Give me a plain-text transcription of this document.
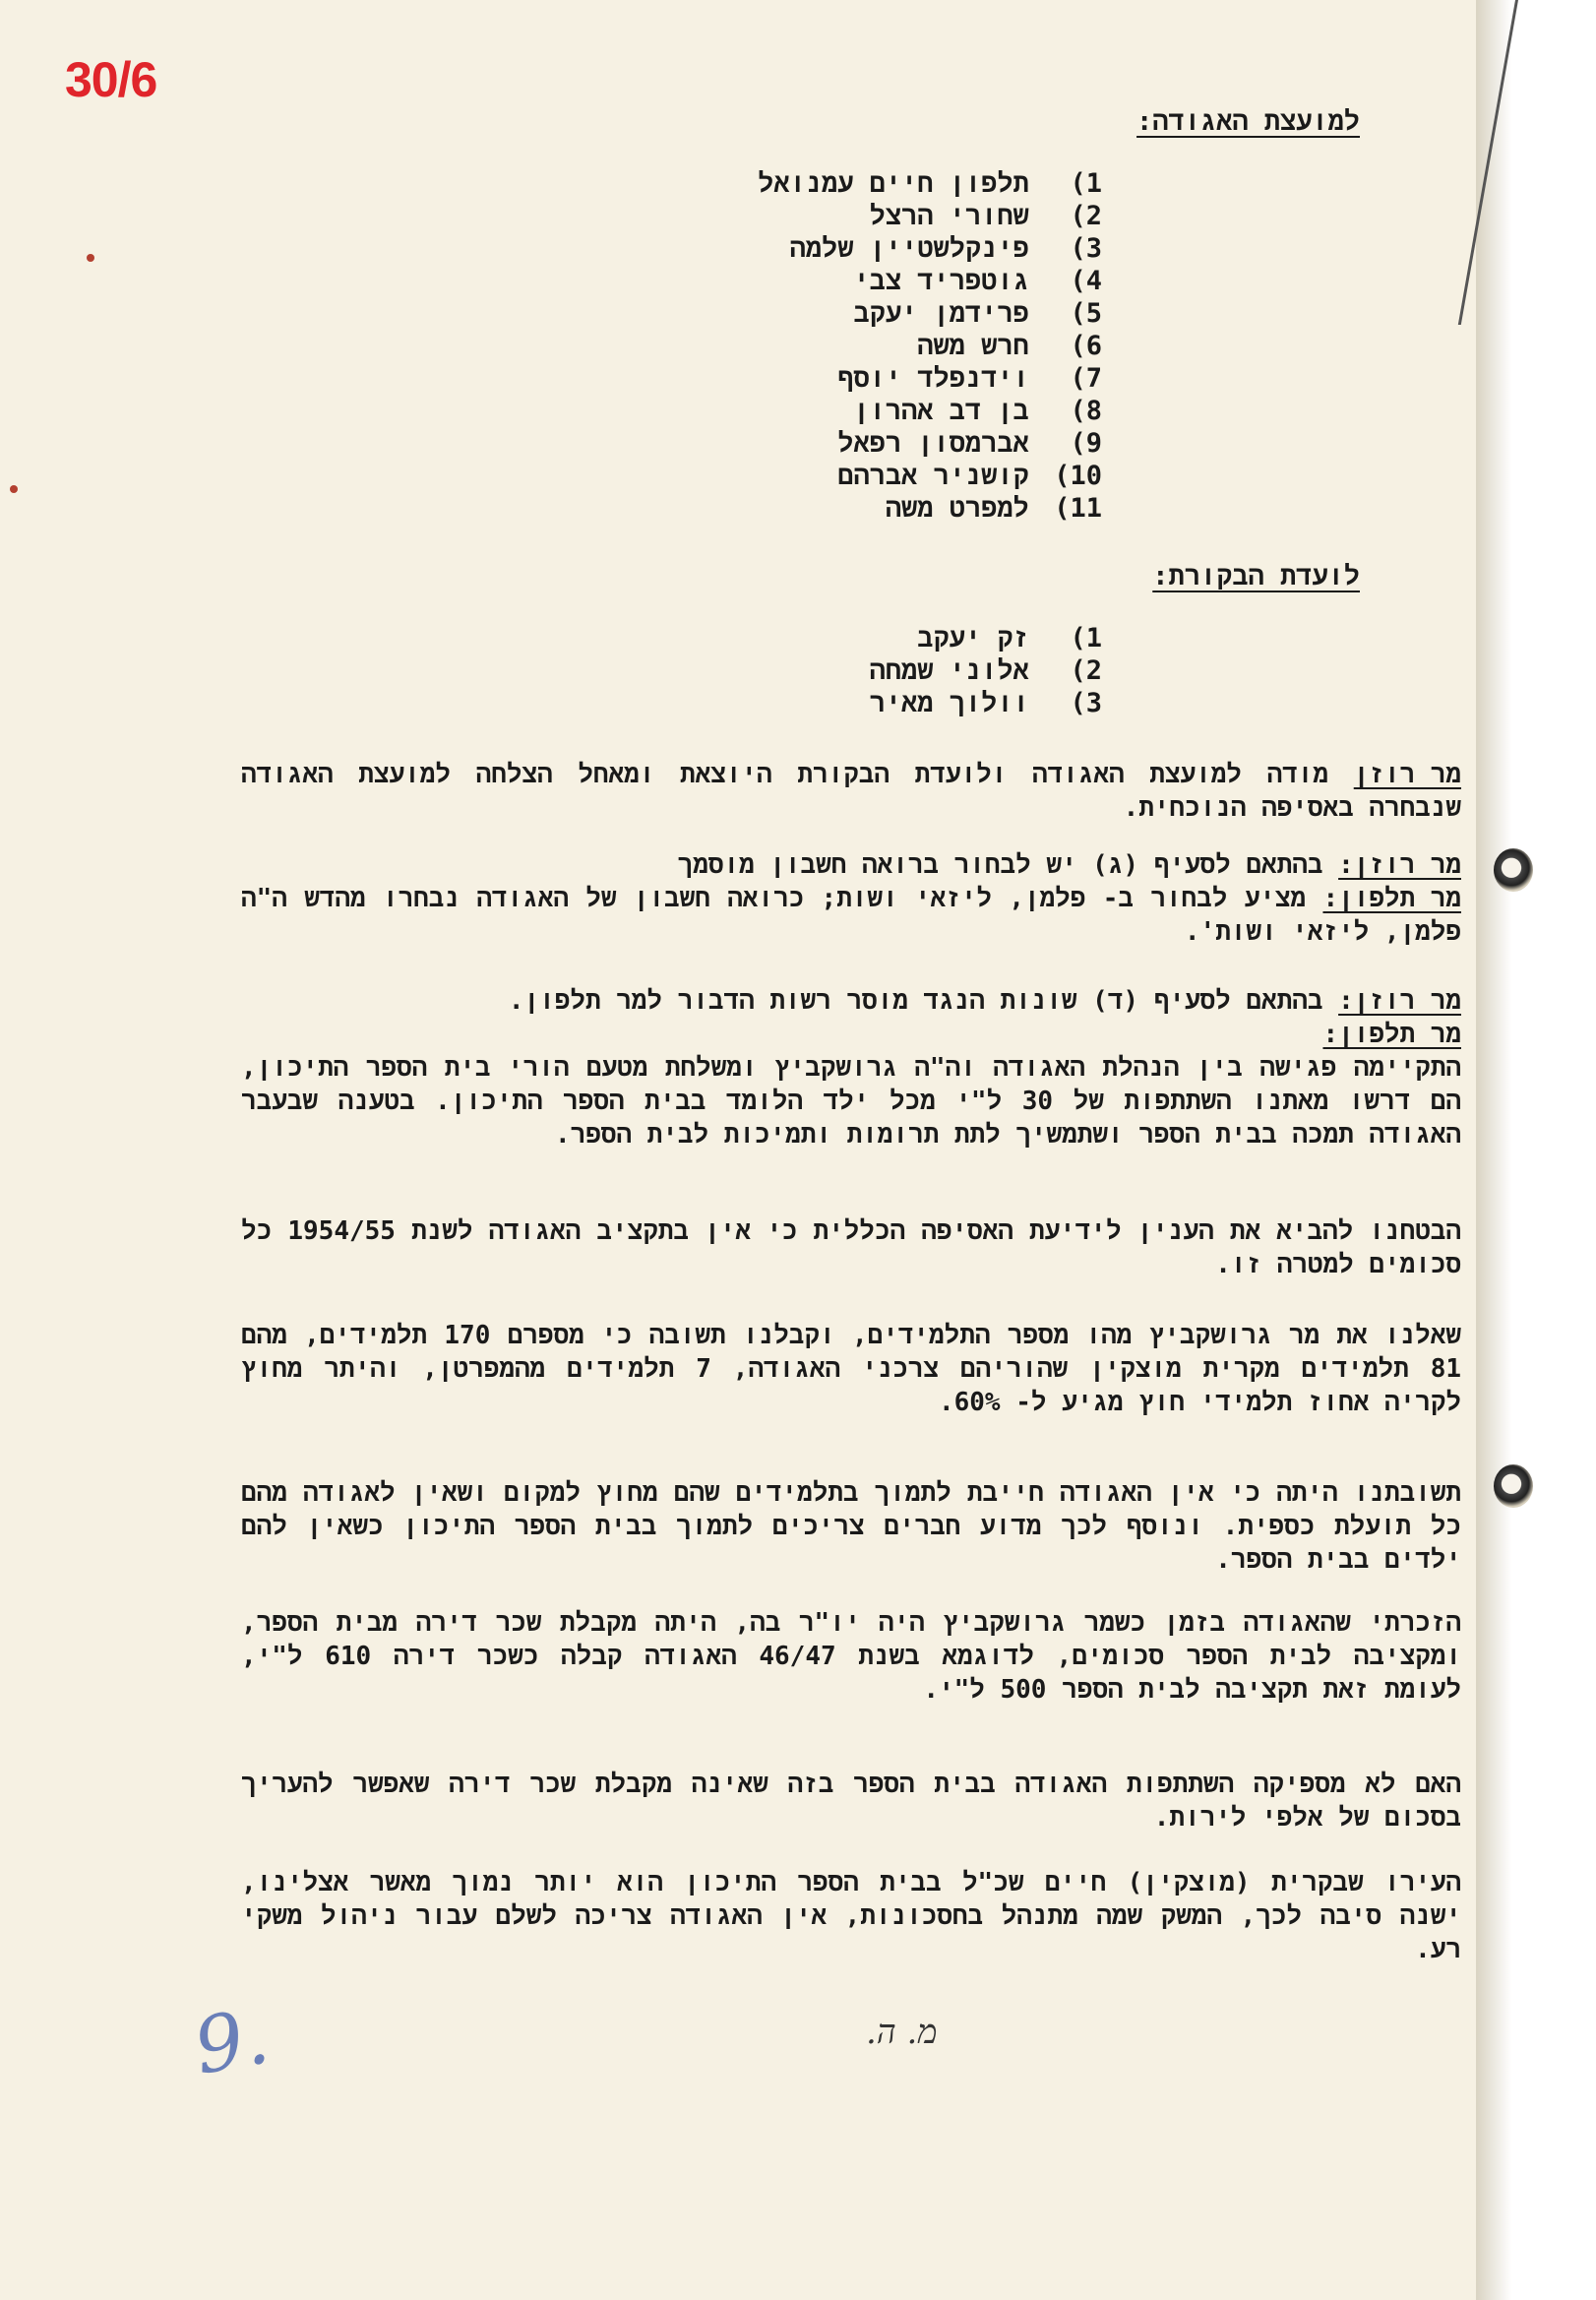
30/6
למועצת האגודה:
1) תלפון חיים עמנואל
2) שחורי הרצל
3) פינקלשטיין שלמה
4) גוטפריד צבי
5) פרידמן יעקב
6) חרש משה
7) וידנפלד יוסף
8) בן דב אהרון
9) אברמסון רפאל
10) קושניר אברהם
11) למפרט משה
לועדת הבקורת:
1) זק יעקב
2) אלוני שמחה
3) וולוך מאיר
מר רוזן מודה למועצת האגודה ולועדת הבקורת היוצאת ומאחל הצלחה למועצת האגודה שנבחרה באסיפה הנוכחית.
מר רוזן: בהתאם לסעיף (ג) יש לבחור ברואה חשבון מוסמך
מר תלפון: מציע לבחור ב- פלמן, ליזאי ושות; כרואה חשבון של האגודה נבחרו מהדש ה"ה פלמן, ליזאי ושות'.
מר רוזן: בהתאם לסעיף (ד) שונות הנגד מוסר רשות הדבור למר תלפון.
מר תלפון:
התקיימה פגישה בין הנהלת האגודה וה"ה גרושקביץ ומשלחת מטעם הורי בית הספר התיכון, הם דרשו מאתנו השתתפות של 30 ל"י מכל ילד הלומד בבית הספר התיכון. בטענה שבעבר האגודה תמכה בבית הספר ושתמשיך לתת תרומות ותמיכות לבית הספר.
הבטחנו להביא את הענין לידיעת האסיפה הכללית כי אין בתקציב האגודה לשנת 1954/55 כל סכומים למטרה זו.
שאלנו את מר גרושקביץ מהו מספר התלמידים, וקבלנו תשובה כי מספרם 170 תלמידים, מהם 81 תלמידים מקרית מוצקין שהוריהם צרכני האגודה, 7 תלמידים מהמפרטן, והיתר מחוץ לקריה אחוז תלמידי חוץ מגיע ל- 60%.
תשובתנו היתה כי אין האגודה חייבת לתמוך בתלמידים שהם מחוץ למקום ושאין לאגודה מהם כל תועלת כספית. ונוסף לכך מדוע חברים צריכים לתמוך בבית הספר התיכון כשאין להם ילדים בבית הספר.
הזכרתי שהאגודה בזמן כשמר גרושקביץ היה יו"ר בה, היתה מקבלת שכר דירה מבית הספר, ומקציבה לבית הספר סכומים, לדוגמא בשנת 46/47 האגודה קבלה כשכר דירה 610 ל"י, לעומת זאת תקציבה לבית הספר 500 ל"י.
האם לא מספיקה השתתפות האגודה בבית הספר בזה שאינה מקבלת שכר דירה שאפשר להעריך בסכום של אלפי לירות.
העירו שבקרית (מוצקין) חיים שכ"ל בבית הספר התיכון הוא יותר נמוך מאשר אצלינו, ישנה סיבה לכך, המשק שמה מתנהל בחסכונות, אין האגודה צריכה לשלם עבור ניהול משקי רע.
9.	מ. ה.
